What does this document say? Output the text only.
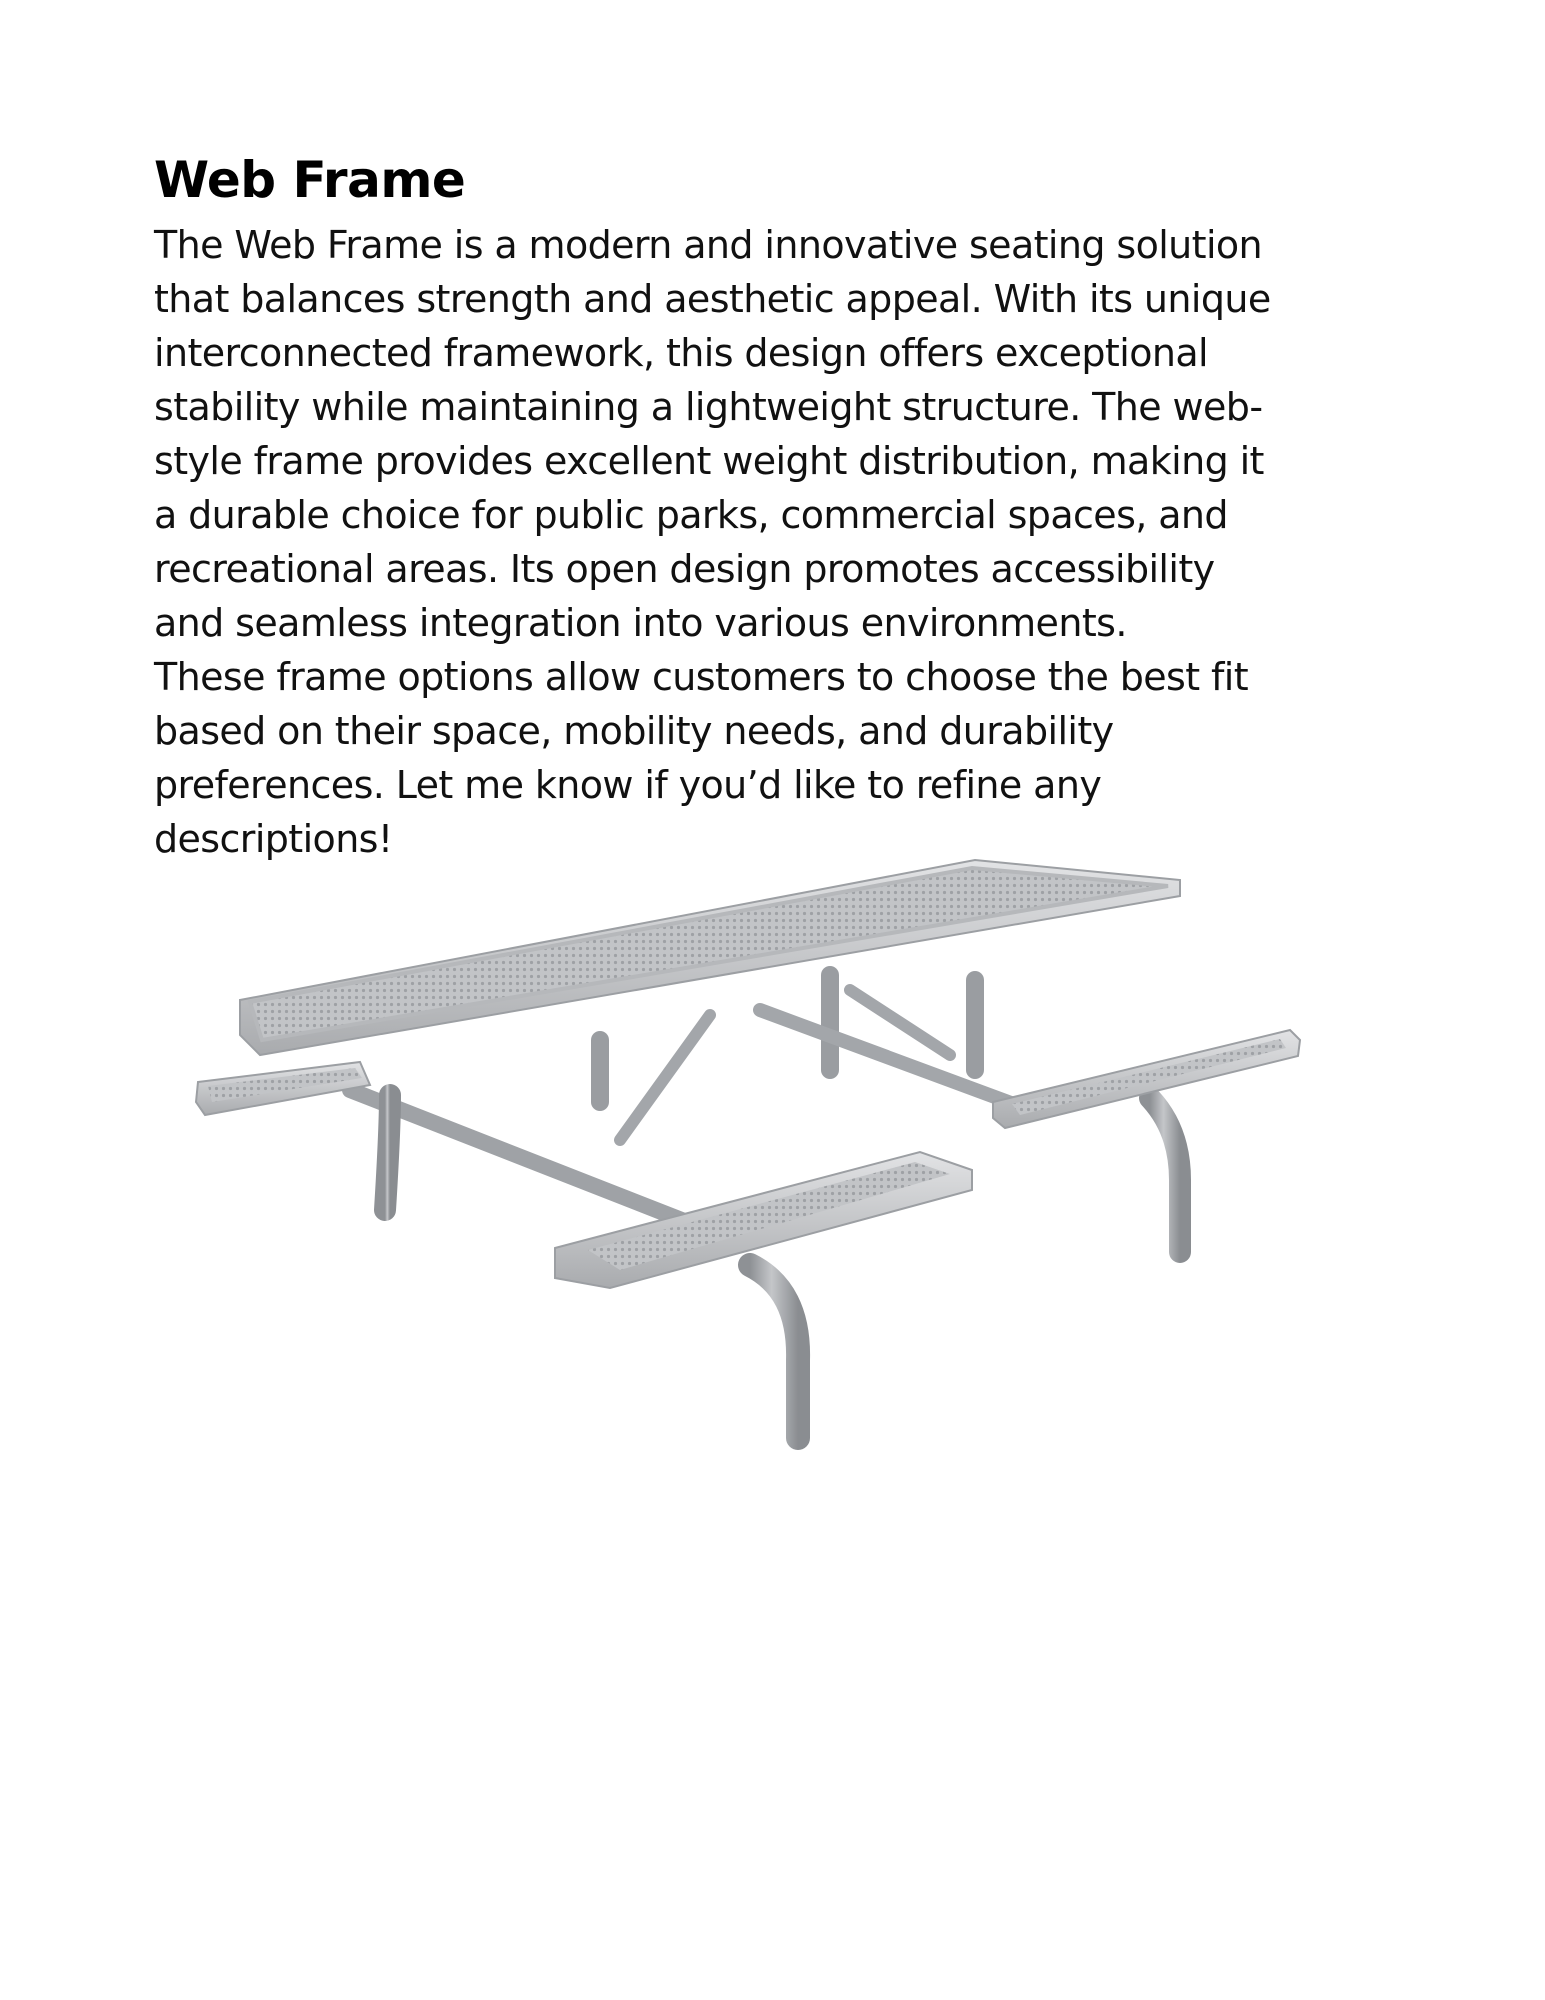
Web Frame

The Web Frame is a modern and innovative seating solution
that balances strength and aesthetic appeal. With its unique
interconnected framework, this design offers exceptional
stability while maintaining a lightweight structure. The web-
style frame provides excellent weight distribution, making it
a durable choice for public parks, commercial spaces, and
recreational areas. Its open design promotes accessibility
and seamless integration into various environments.

These frame options allow customers to choose the best fit
based on their space, mobility needs, and durability
preferences. Let me know if you’d like to refine any
descriptions!
